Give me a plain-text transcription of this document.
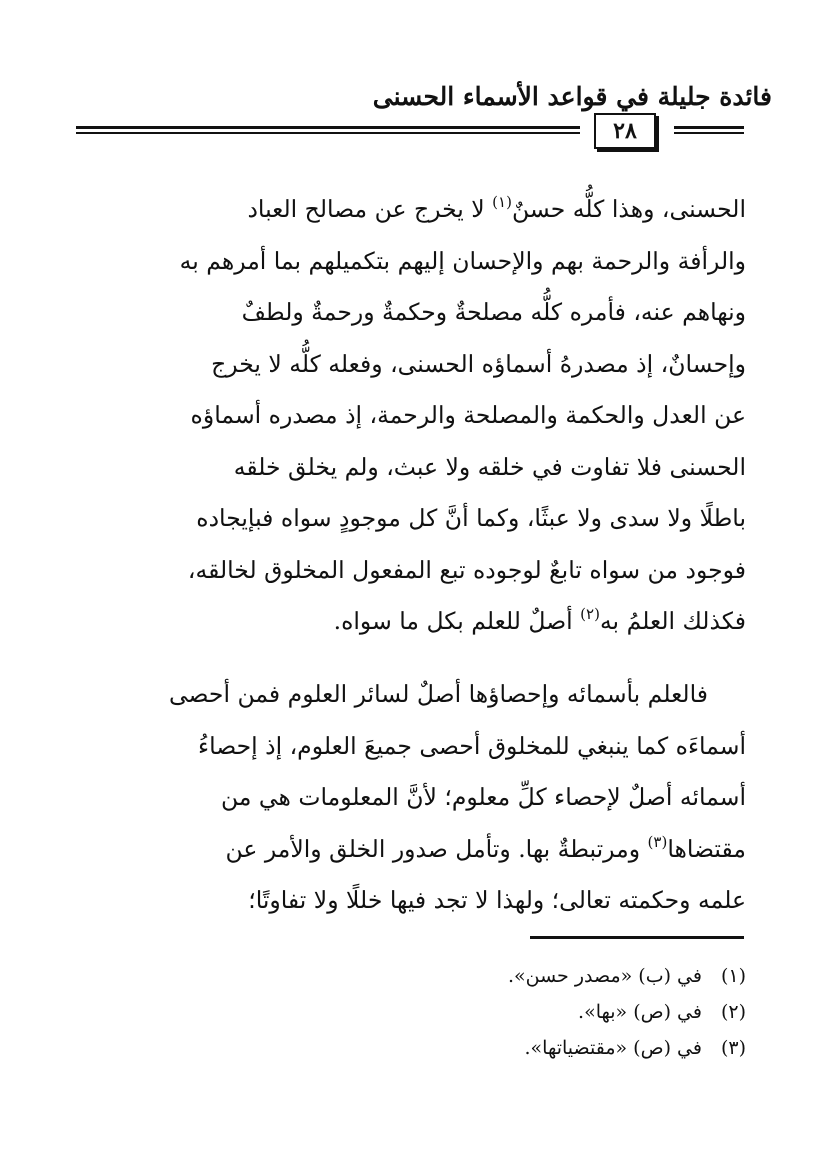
فائدة جليلة في قواعد الأسماء الحسنى
٢٨
الحسنى، وهذا كلُّه حسنٌ$^{(١)}$ لا يخرج عن مصالح العباد
والرأفة والرحمة بهم والإحسان إليهم بتكميلهم بما أمرهم به
ونهاهم عنه، فأمره كلُّه مصلحةٌ وحكمةٌ ورحمةٌ ولطفٌ
وإحسانٌ، إذ مصدرهُ أسماؤه الحسنى، وفعله كلُّه لا يخرج
عن العدل والحكمة والمصلحة والرحمة، إذ مصدره أسماؤه
الحسنى فلا تفاوت في خلقه ولا عبث، ولم يخلق خلقه
باطلًا ولا سدى ولا عبثًا، وكما أنَّ كل موجودٍ سواه فبإيجاده
فوجود من سواه تابعٌ لوجوده تبع المفعول المخلوق لخالقه،
فكذلك العلمُ به$^{(٢)}$ أصلٌ للعلم بكل ما سواه.
فالعلم بأسمائه وإحصاؤها أصلٌ لسائر العلوم فمن أحصى
أسماءَه كما ينبغي للمخلوق أحصى جميعَ العلوم، إذ إحصاءُ
أسمائه أصلٌ لإحصاء كلِّ معلوم؛ لأنَّ المعلومات هي من
مقتضاها$^{(٣)}$ ومرتبطةٌ بها. وتأمل صدور الخلق والأمر عن
علمه وحكمته تعالى؛ ولهذا لا تجد فيها خللًا ولا تفاوتًا؛
(١) في (ب) «مصدر حسن».
(٢) في (ص) «بها».
(٣) في (ص) «مقتضياتها».
